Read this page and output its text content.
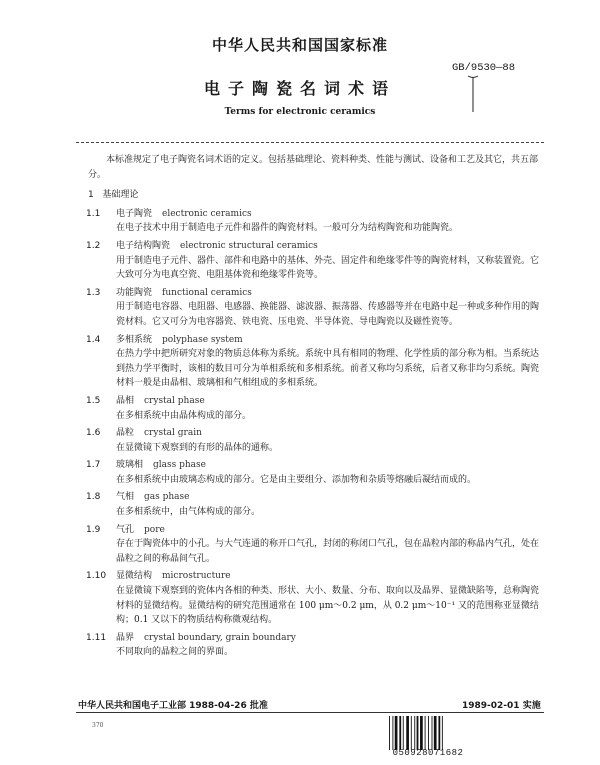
中华人民共和国国家标准
电子陶瓷名词术语
Terms for electronic ceramics
GB/9530—88

本标准规定了电子陶瓷名词术语的定义。包括基础理论、瓷料种类、性能与测试、设备和工艺及其它，共五部分。

1 基础理论

1.1 电子陶瓷 electronic ceramics

在电子技术中用于制造电子元件和器件的陶瓷材料。一般可分为结构陶瓷和功能陶瓷。

1.2 电子结构陶瓷 electronic structural ceramics

用于制造电子元件、器件、部件和电路中的基体、外壳、固定件和绝缘零件等的陶瓷材料，又称装置瓷。它大致可分为电真空瓷、电阻基体瓷和绝缘零件瓷等。

1.3 功能陶瓷 functional ceramics

用于制造电容器、电阻器、电感器、换能器、滤波器、振荡器、传感器等并在电路中起一种或多种作用的陶瓷材料。它又可分为电容器瓷、铁电瓷、压电瓷、半导体瓷、导电陶瓷以及磁性瓷等。

1.4 多相系统 polyphase system

在热力学中把所研究对象的物质总体称为系统。系统中具有相同的物理、化学性质的部分称为相。当系统达到热力学平衡时，该相的数目可分为单相系统和多相系统。前者又称均匀系统，后者又称非均匀系统。陶瓷材料一般是由晶相、玻璃相和气相组成的多相系统。

1.5 晶相 crystal phase

在多相系统中由晶体构成的部分。

1.6 晶粒 crystal grain

在显微镜下观察到的有形的晶体的通称。

1.7 玻璃相 glass phase

在多相系统中由玻璃态构成的部分。它是由主要组分、添加物和杂质等熔融后凝结而成的。

1.8 气相 gas phase

在多相系统中，由气体构成的部分。

1.9 气孔 pore

存在于陶瓷体中的小孔。与大气连通的称开口气孔，封闭的称闭口气孔，包在晶粒内部的称晶内气孔，处在晶粒之间的称晶间气孔。

1.10 显微结构 microstructure

在显微镜下观察到的瓷体内各相的种类、形状、大小、数量、分布、取向以及晶界、显微缺陷等，总称陶瓷材料的显微结构。显微结构的研究范围通常在 100 μm～0.2 μm，从 0.2 μm～10⁻¹ 又的范围称亚显微结构；0.1 又以下的物质结构称微观结构。

1.11 晶界 crystal boundary, grain boundary

不同取向的晶粒之间的界面。

中华人民共和国电子工业部 1988-04-26 批准	1989-02-01 实施
370
050928071682
